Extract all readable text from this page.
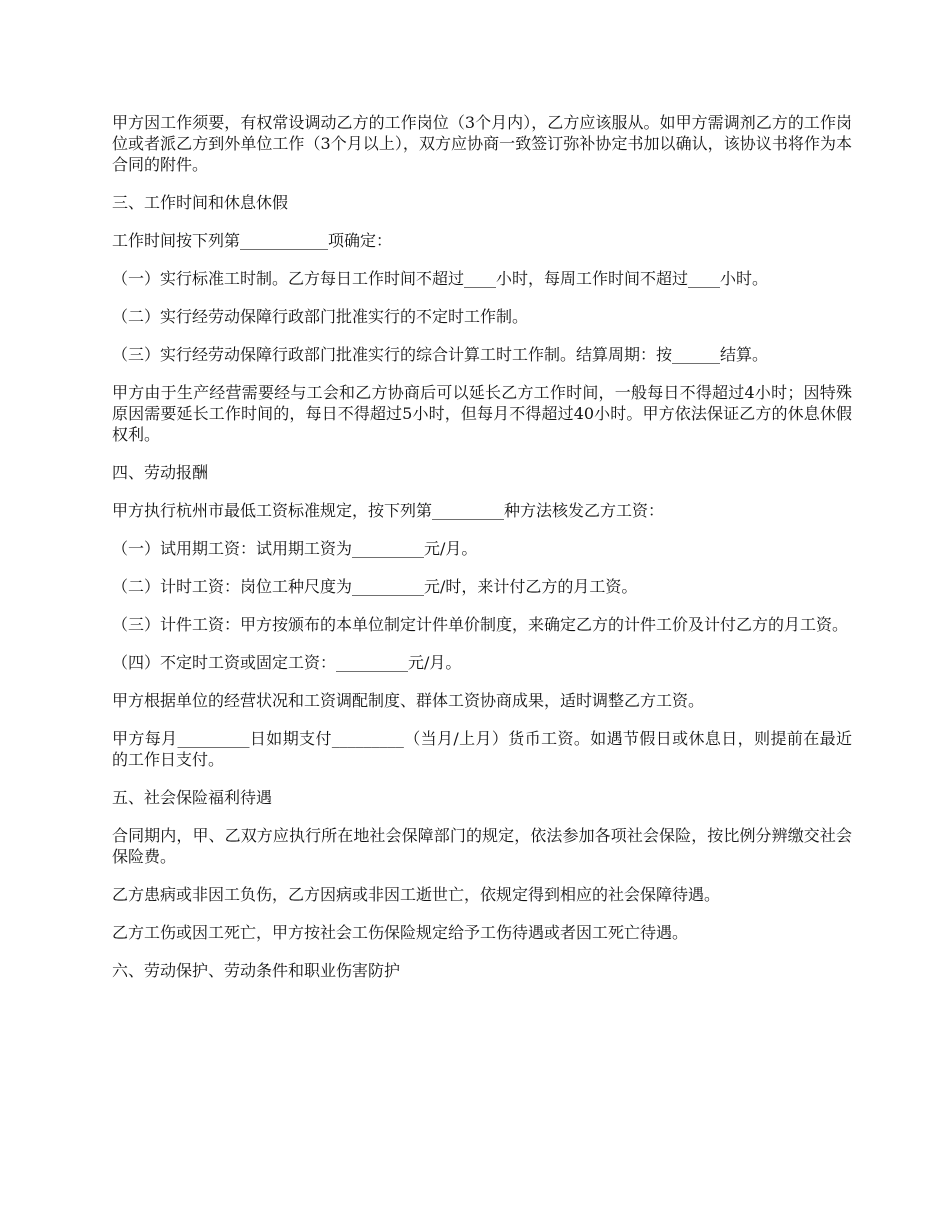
甲方因工作须要，有权常设调动乙方的工作岗位（3个月内），乙方应该服从。如甲方需调剂乙方的工作岗位或者派乙方到外单位工作（3个月以上），双方应协商一致签订弥补协定书加以确认，该协议书将作为本合同的附件。

三、工作时间和休息休假

工作时间按下列第___________项确定：

（一）实行标准工时制。乙方每日工作时间不超过____小时，每周工作时间不超过____小时。

（二）实行经劳动保障行政部门批准实行的不定时工作制。

（三）实行经劳动保障行政部门批准实行的综合计算工时工作制。结算周期：按______结算。

甲方由于生产经营需要经与工会和乙方协商后可以延长乙方工作时间，一般每日不得超过4小时；因特殊原因需要延长工作时间的，每日不得超过5小时，但每月不得超过40小时。甲方依法保证乙方的休息休假权利。

四、劳动报酬

甲方执行杭州市最低工资标准规定，按下列第_________种方法核发乙方工资：

（一）试用期工资：试用期工资为_________元/月。

（二）计时工资：岗位工种尺度为_________元/时，来计付乙方的月工资。

（三）计件工资：甲方按颁布的本单位制定计件单价制度，来确定乙方的计件工价及计付乙方的月工资。

（四）不定时工资或固定工资：_________元/月。

甲方根据单位的经营状况和工资调配制度、群体工资协商成果，适时调整乙方工资。

甲方每月_________日如期支付_________（当月/上月）货币工资。如遇节假日或休息日，则提前在最近的工作日支付。

五、社会保险福利待遇

合同期内，甲、乙双方应执行所在地社会保障部门的规定，依法参加各项社会保险，按比例分辨缴交社会保险费。

乙方患病或非因工负伤，乙方因病或非因工逝世亡，依规定得到相应的社会保障待遇。

乙方工伤或因工死亡，甲方按社会工伤保险规定给予工伤待遇或者因工死亡待遇。

六、劳动保护、劳动条件和职业伤害防护
